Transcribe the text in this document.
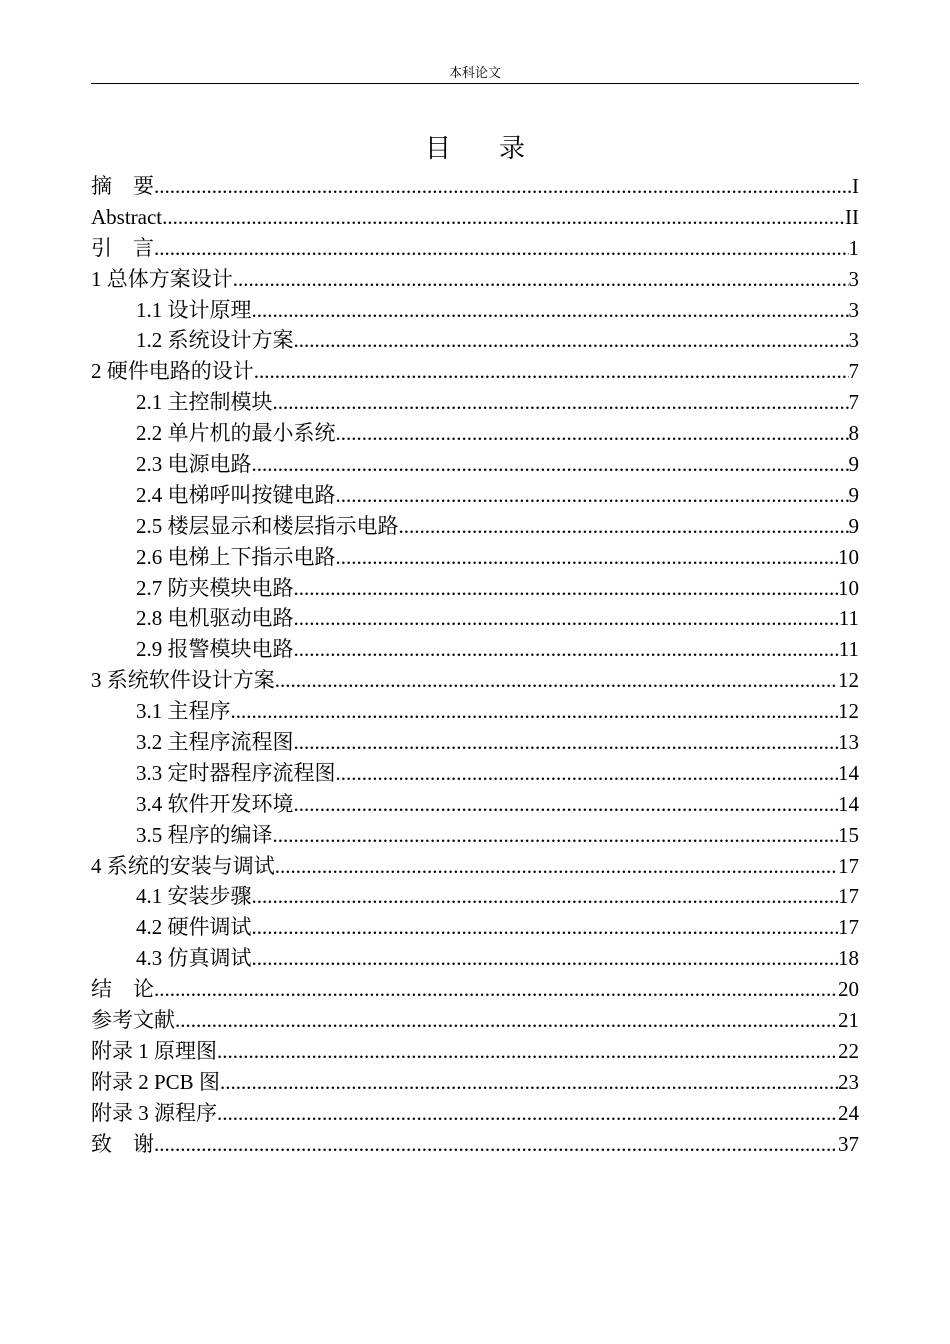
本科论文
目录
摘　要 .....	I
Abstract .....	II
引　言 .....	1
1 总体方案设计 .....	3
1.1 设计原理 .....	3
1.2 系统设计方案 .....	3
2 硬件电路的设计 .....	7
2.1 主控制模块 .....	7
2.2 单片机的最小系统 .....	8
2.3 电源电路 .....	9
2.4 电梯呼叫按键电路 .....	9
2.5 楼层显示和楼层指示电路 .....	9
2.6 电梯上下指示电路 .....	10
2.7 防夹模块电路 .....	10
2.8 电机驱动电路 .....	11
2.9 报警模块电路 .....	11
3 系统软件设计方案 .....	12
3.1 主程序 .....	12
3.2 主程序流程图 .....	13
3.3 定时器程序流程图 .....	14
3.4 软件开发环境 .....	14
3.5 程序的编译 .....	15
4 系统的安装与调试 .....	17
4.1 安装步骤 .....	17
4.2 硬件调试 .....	17
4.3 仿真调试 .....	18
结　论 .....	20
参考文献 .....	21
附录 1 原理图 .....	22
附录 2 PCB 图 .....	23
附录 3 源程序 .....	24
致　谢 .....	37
